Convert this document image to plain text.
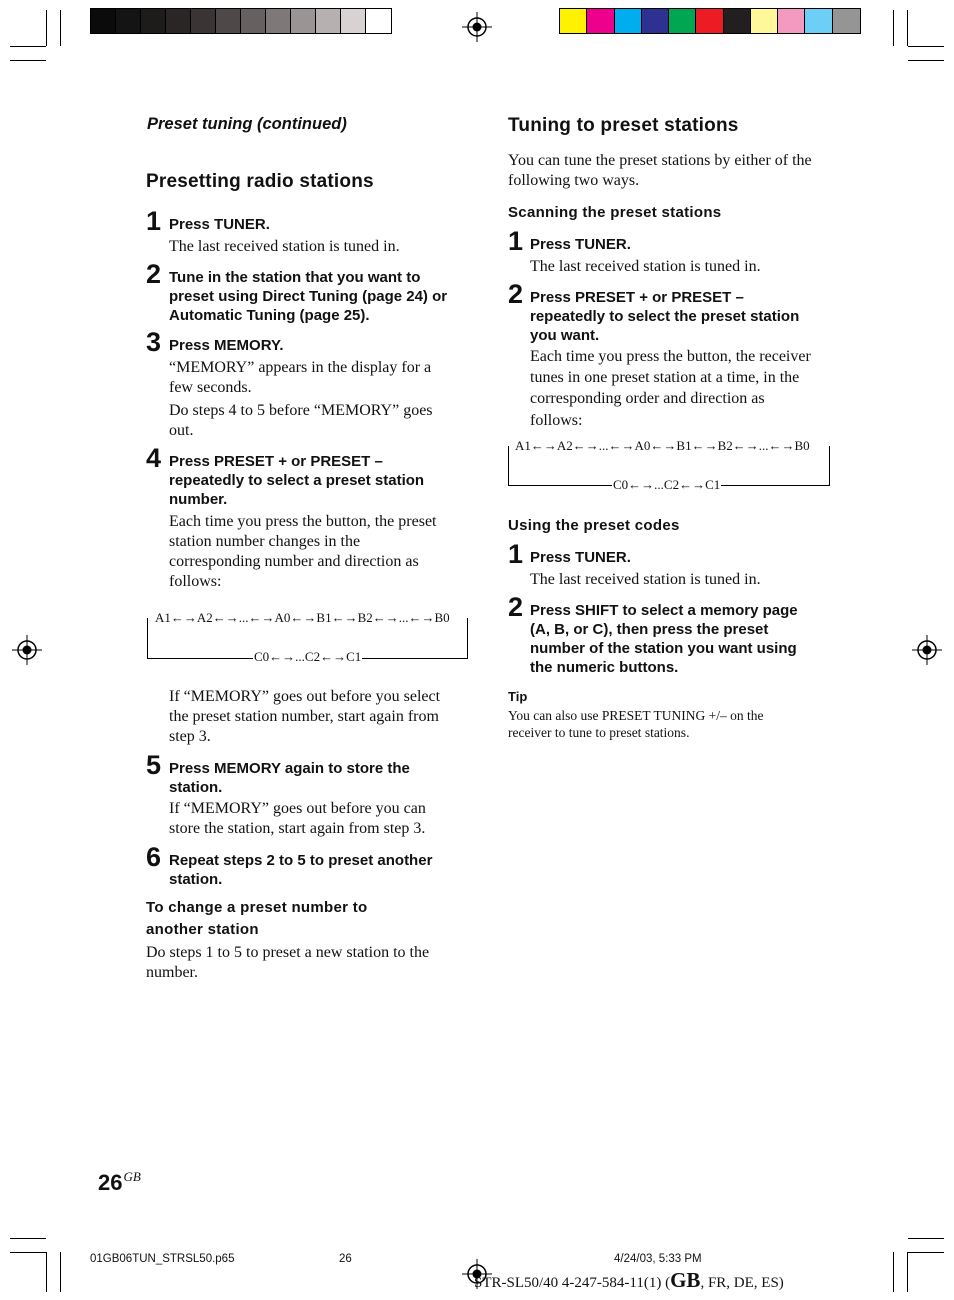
Preset tuning (continued)
Presetting radio stations
1 Press TUNER.
The last received station is tuned in.
2 Tune in the station that you want to
preset using Direct Tuning (page 24) or
Automatic Tuning (page 25).
3 Press MEMORY.
“MEMORY” appears in the display for a
few seconds.
Do steps 4 to 5 before “MEMORY” goes
out.
4 Press PRESET + or PRESET –
repeatedly to select a preset station
number.
Each time you press the button, the preset
station number changes in the
corresponding number and direction as
follows:
A1←→A2←→...←→A0←→B1←→B2←→...←→B0
C0←→...C2←→C1
If “MEMORY” goes out before you select
the preset station number, start again from
step 3.
5 Press MEMORY again to store the
station.
If “MEMORY” goes out before you can
store the station, start again from step 3.
6 Repeat steps 2 to 5 to preset another
station.
To change a preset number to
another station
Do steps 1 to 5 to preset a new station to the
number.
Tuning to preset stations
You can tune the preset stations by either of the
following two ways.
Scanning the preset stations
1 Press TUNER.
The last received station is tuned in.
2 Press PRESET + or PRESET –
repeatedly to select the preset station
you want.
Each time you press the button, the receiver
tunes in one preset station at a time, in the
corresponding order and direction as
follows:
A1←→A2←→...←→A0←→B1←→B2←→...←→B0
C0←→...C2←→C1
Using the preset codes
1 Press TUNER.
The last received station is tuned in.
2 Press SHIFT to select a memory page
(A, B, or C), then press the preset
number of the station you want using
the numeric buttons.
Tip
You can also use PRESET TUNING +/– on the
receiver to tune to preset stations.
$26^{GB}$
01GB06TUN_STRSL50.p65	26	4/24/03, 5:33 PM
STR-SL50/40 4-247-584-11(1) (GB, FR, DE, ES)
